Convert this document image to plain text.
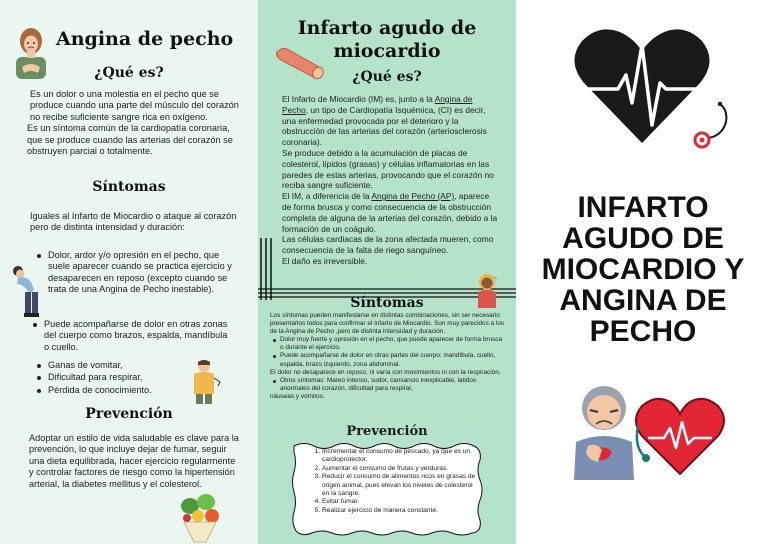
Angina de pecho
¿Qué es?
Es un dolor o una molestia en el pecho que se produce cuando una parte del músculo del corazón no recibe suficiente sangre rica en oxígeno.
Es un síntoma común de la cardiopatía coronaria, que se produce cuando las arterias del corazón se obstruyen parcial o totalmente.
Síntomas
Iguales al Infarto de Miocardio o ataque al corazón pero de distinta intensidad y duración:
Dolor, ardor y/o opresión en el pecho, que suele aparecer cuando se practica ejercicio y desaparecen en reposo (excepto cuando se trata de una Angina de Pecho inestable).
Puede acompañarse de dolor en otras zonas del cuerpo como brazos, espalda, mandíbula o cuello.
Ganas de vomitar,
Dificultad para respirar,
Pérdida de conocimiento.
Prevención
Adoptar un estilo de vida saludable es clave para la prevención, lo que incluye dejar de fumar, seguir una dieta equilibrada, hacer ejercicio regularmente y controlar factores de riesgo como la hipertensión arterial, la diabetes mellitus y el colesterol.
Infarto agudo de
miocardio
¿Qué es?
El Infarto de Miocardio (IM) es, junto a la Angina de Pecho, un tipo de Cardiopatía Isquémica, (CI) es decir, una enfermedad provocada por el deterioro y la obstrucción de las arterias del corazón (arteriosclerosis coronaria).
Se produce debido a la acumulación de placas de colesterol, lípidos (grasas) y células inflamatorias en las paredes de estas arterias, provocando que el corazón no reciba sangre suficiente.
El IM, a diferencia de la Angina de Pecho (AP), aparece de forma brusca y como consecuencia de la obstrucción completa de alguna de la arterias del corazón, debido a la formación de un coágulo.
Las células cardiacas de la zona afectada mueren, como consecuencia de la falta de riego sanguíneo.
El daño es irreversible.
Síntomas
Los síntomas pueden manifestarse en distintas combinaciones, sin ser necesario presentarlos todos para confirmar el Infarto de Miocardio. Son muy parecidos a los de la Angina de Pecho ,pero de distinta intensidad y duración.
Dolor muy fuerte y opresión en el pecho, que puede aparecer de forma brusca o durante el ejercicio.
Puede acompañarse de dolor en otras partes del cuerpo: mandíbula, cuello, espalda, brazo izquierdo, zona abdominal.
El dolor no desaparece en reposo, ni varía con movimientos ni con la respiración.
Otros síntomas: Mareo intenso, sudor, cansancio inexplicable, latidos anormales del corazón, dificultad para respirar,
náuseas y vómitos.
Prevención
1. Incrementar el consumo de pescado, ya que es un cardioprotector.
2. Aumentar el consumo de frutas y verduras.
3. Reducir el consumo de alimentos ricos en grasas de origen animal, pues elevan los niveles de colesterol en la sangre.
4. Evitar fumar.
5. Realizar ejercicio de manera constante.
INFARTO
AGUDO DE
MIOCARDIO Y
ANGINA DE
PECHO
